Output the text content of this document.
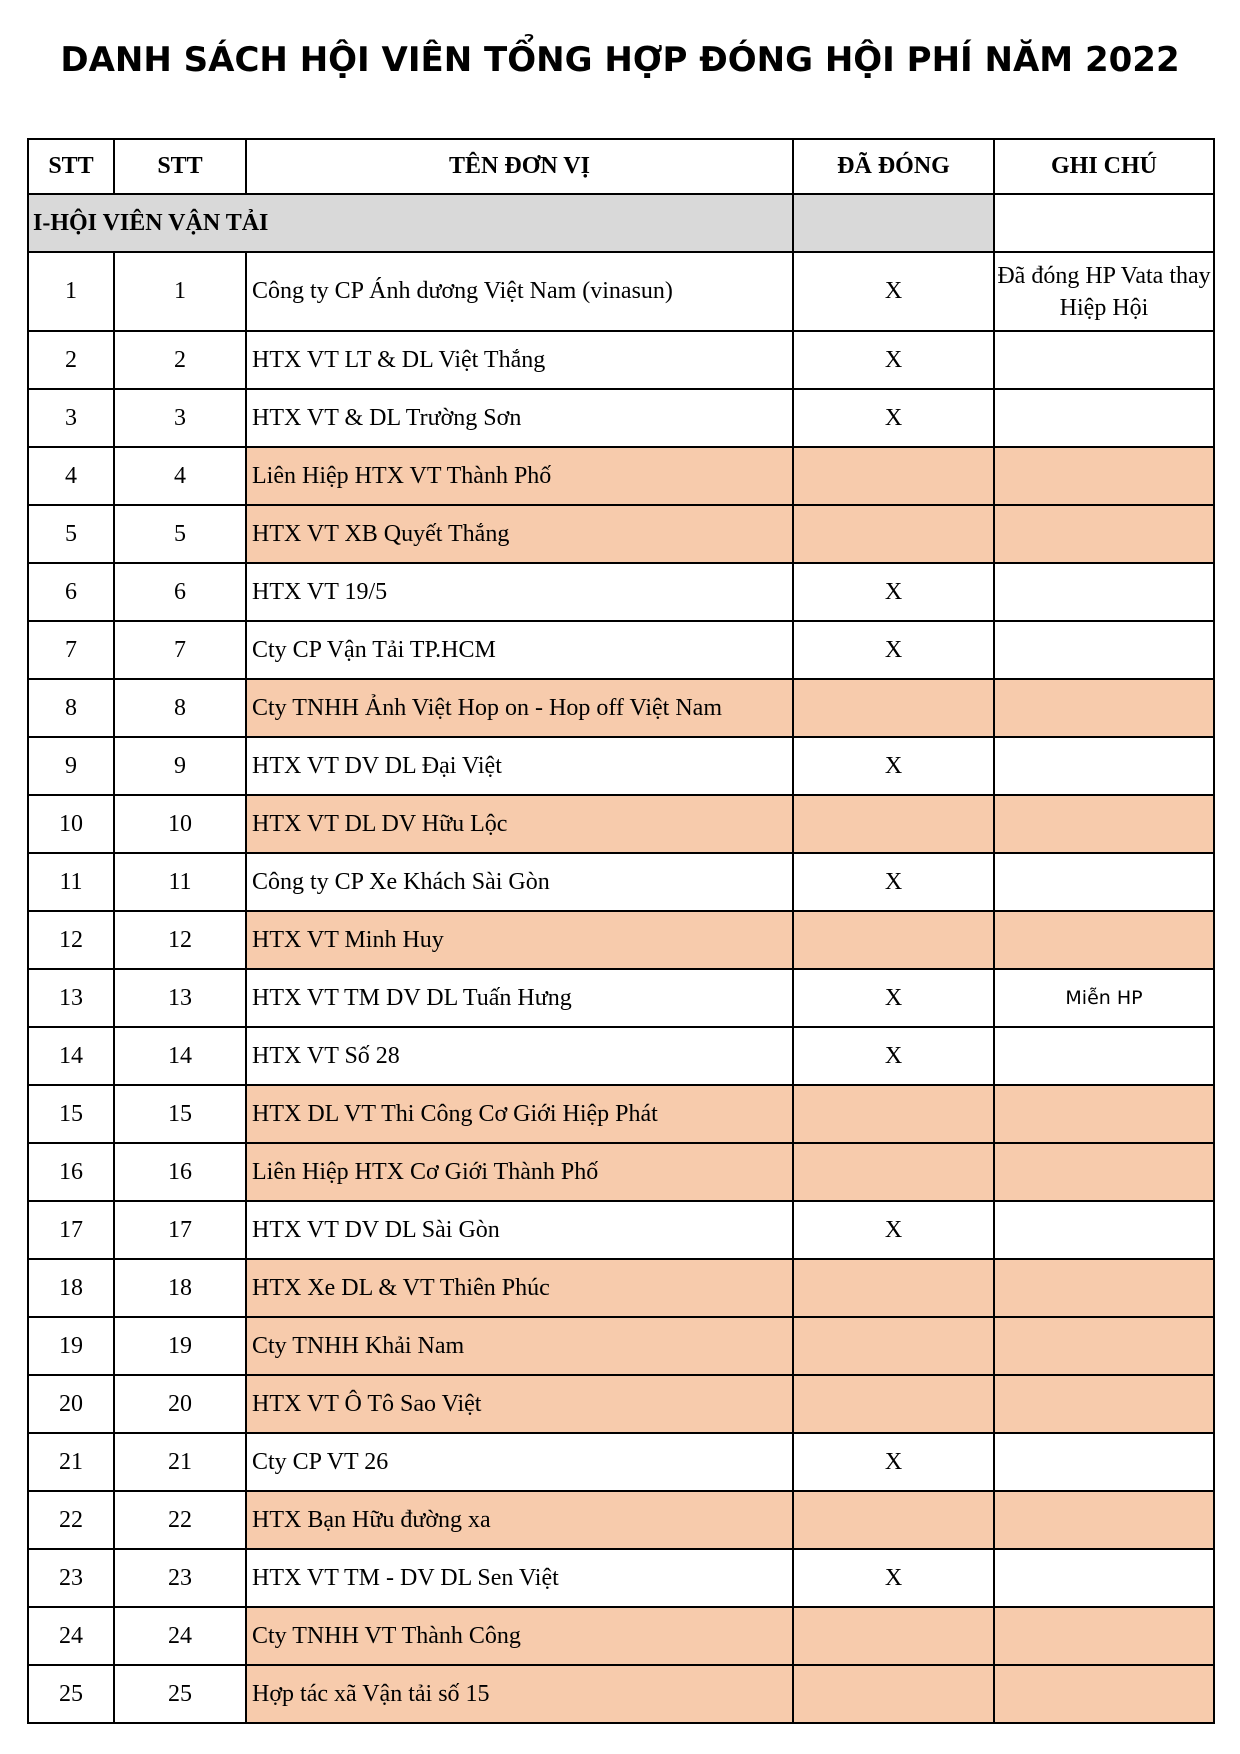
DANH SÁCH HỘI VIÊN TỔNG HỢP ĐÓNG HỘI PHÍ NĂM 2022
STT	STT	TÊN ĐƠN VỊ	ĐÃ ĐÓNG	GHI CHÚ
I-HỘI VIÊN VẬN TẢI				
1	1	Công ty CP Ánh dương Việt Nam (vinasun)	X	Đã đóng HP Vata thay Hiệp Hội
2	2	HTX VT LT & DL Việt Thắng	X	
3	3	HTX VT & DL Trường Sơn	X	
4	4	Liên Hiệp HTX VT Thành Phố		
5	5	HTX VT XB Quyết Thắng		
6	6	HTX VT 19/5	X	
7	7	Cty CP Vận Tải TP.HCM	X	
8	8	Cty TNHH Ảnh Việt Hop on - Hop off Việt Nam		
9	9	HTX VT DV DL Đại Việt	X	
10	10	HTX VT DL DV Hữu Lộc		
11	11	Công ty CP Xe Khách Sài Gòn	X	
12	12	HTX VT Minh Huy		
13	13	HTX VT TM DV DL Tuấn Hưng	X	Miễn HP
14	14	HTX VT Số 28	X	
15	15	HTX DL VT Thi Công Cơ Giới Hiệp Phát		
16	16	Liên Hiệp HTX Cơ Giới Thành Phố		
17	17	HTX VT DV DL Sài Gòn	X	
18	18	HTX Xe DL & VT Thiên Phúc		
19	19	Cty TNHH Khải Nam		
20	20	HTX VT Ô Tô Sao Việt		
21	21	Cty CP VT 26	X	
22	22	HTX Bạn Hữu đường xa		
23	23	HTX VT TM - DV DL Sen Việt	X	
24	24	Cty TNHH VT Thành Công		
25	25	Hợp tác xã Vận tải số 15		
